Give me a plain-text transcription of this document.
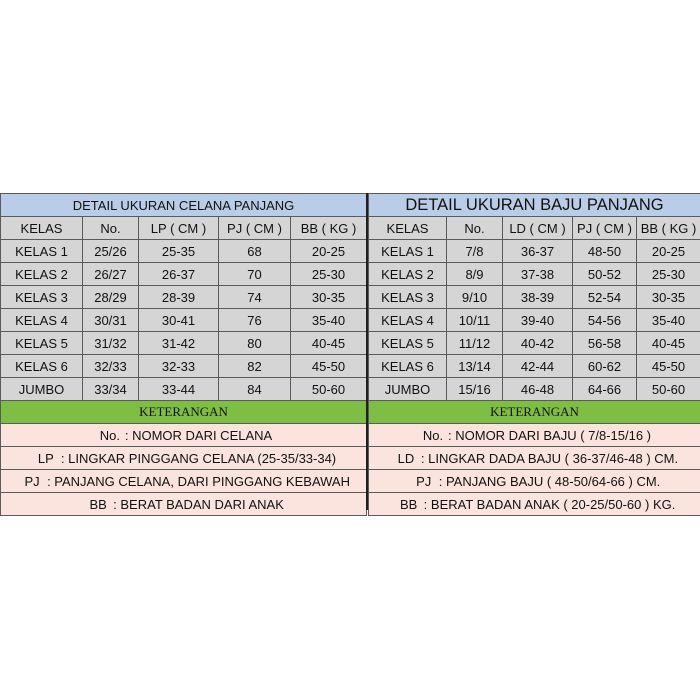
DETAIL UKURAN CELANA PANJANG				
KELAS	No.	LP ( CM )	PJ ( CM )	BB ( KG )
KELAS 1	25/26	25-35	68	20-25
KELAS 2	26/27	26-37	70	25-30
KELAS 3	28/29	28-39	74	30-35
KELAS 4	30/31	30-41	76	35-40
KELAS 5	31/32	31-42	80	40-45
KELAS 6	32/33	32-33	82	45-50
JUMBO	33/34	33-44	84	50-60
KETERANGAN				
No. : NOMOR DARI CELANA				
LP : LINGKAR PINGGANG CELANA (25-35/33-34)				
PJ : PANJANG CELANA, DARI PINGGANG KEBAWAH				
BB : BERAT BADAN DARI ANAK				
DETAIL UKURAN BAJU PANJANG				
KELAS	No.	LD ( CM )	PJ ( CM )	BB ( KG )
KELAS 1	7/8	36-37	48-50	20-25
KELAS 2	8/9	37-38	50-52	25-30
KELAS 3	9/10	38-39	52-54	30-35
KELAS 4	10/11	39-40	54-56	35-40
KELAS 5	11/12	40-42	56-58	40-45
KELAS 6	13/14	42-44	60-62	45-50
JUMBO	15/16	46-48	64-66	50-60
KETERANGAN				
No. : NOMOR DARI BAJU ( 7/8-15/16 )				
LD : LINGKAR DADA BAJU ( 36-37/46-48 ) CM.				
PJ : PANJANG BAJU ( 48-50/64-66 ) CM.				
BB : BERAT BADAN ANAK ( 20-25/50-60 ) KG.				
